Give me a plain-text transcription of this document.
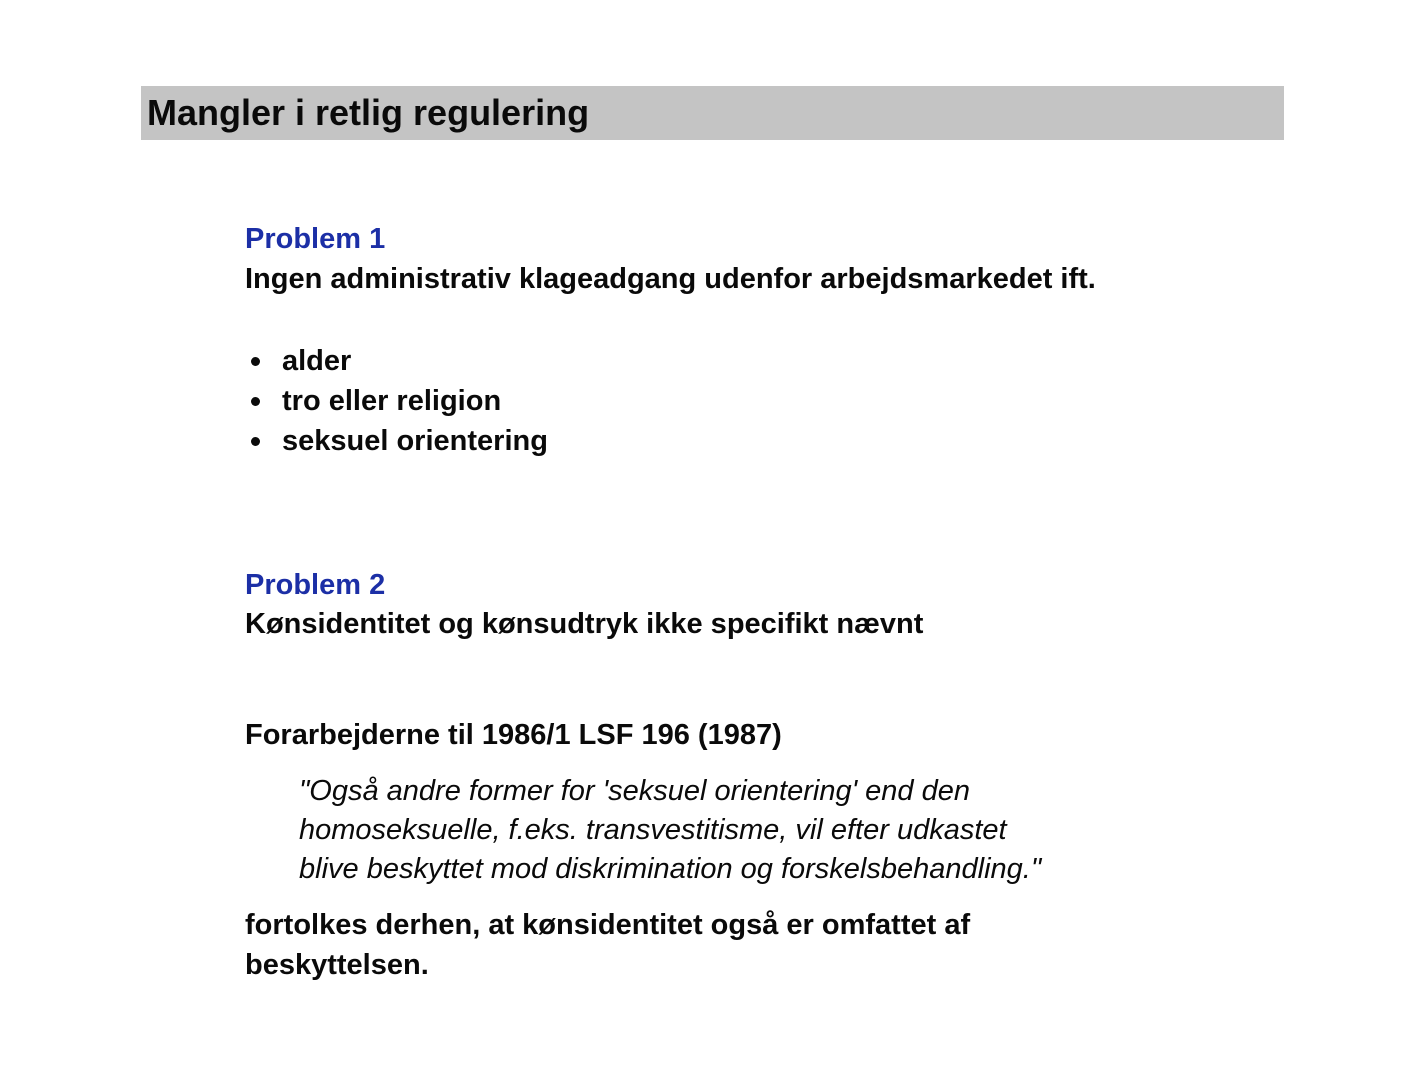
Mangler i retlig regulering

Problem 1

Ingen administrativ klageadgang udenfor arbejdsmarkedet ift.

alder
tro eller religion
seksuel orientering

Problem 2

Kønsidentitet og kønsudtryk ikke specifikt nævnt

Forarbejderne til 1986/1 LSF 196 (1987)

"Også andre former for 'seksuel orientering' end den
homoseksuelle, f.eks. transvestitisme, vil efter udkastet
blive beskyttet mod diskrimination og forskelsbehandling."
fortolkes derhen, at kønsidentitet også er omfattet af
beskyttelsen.
